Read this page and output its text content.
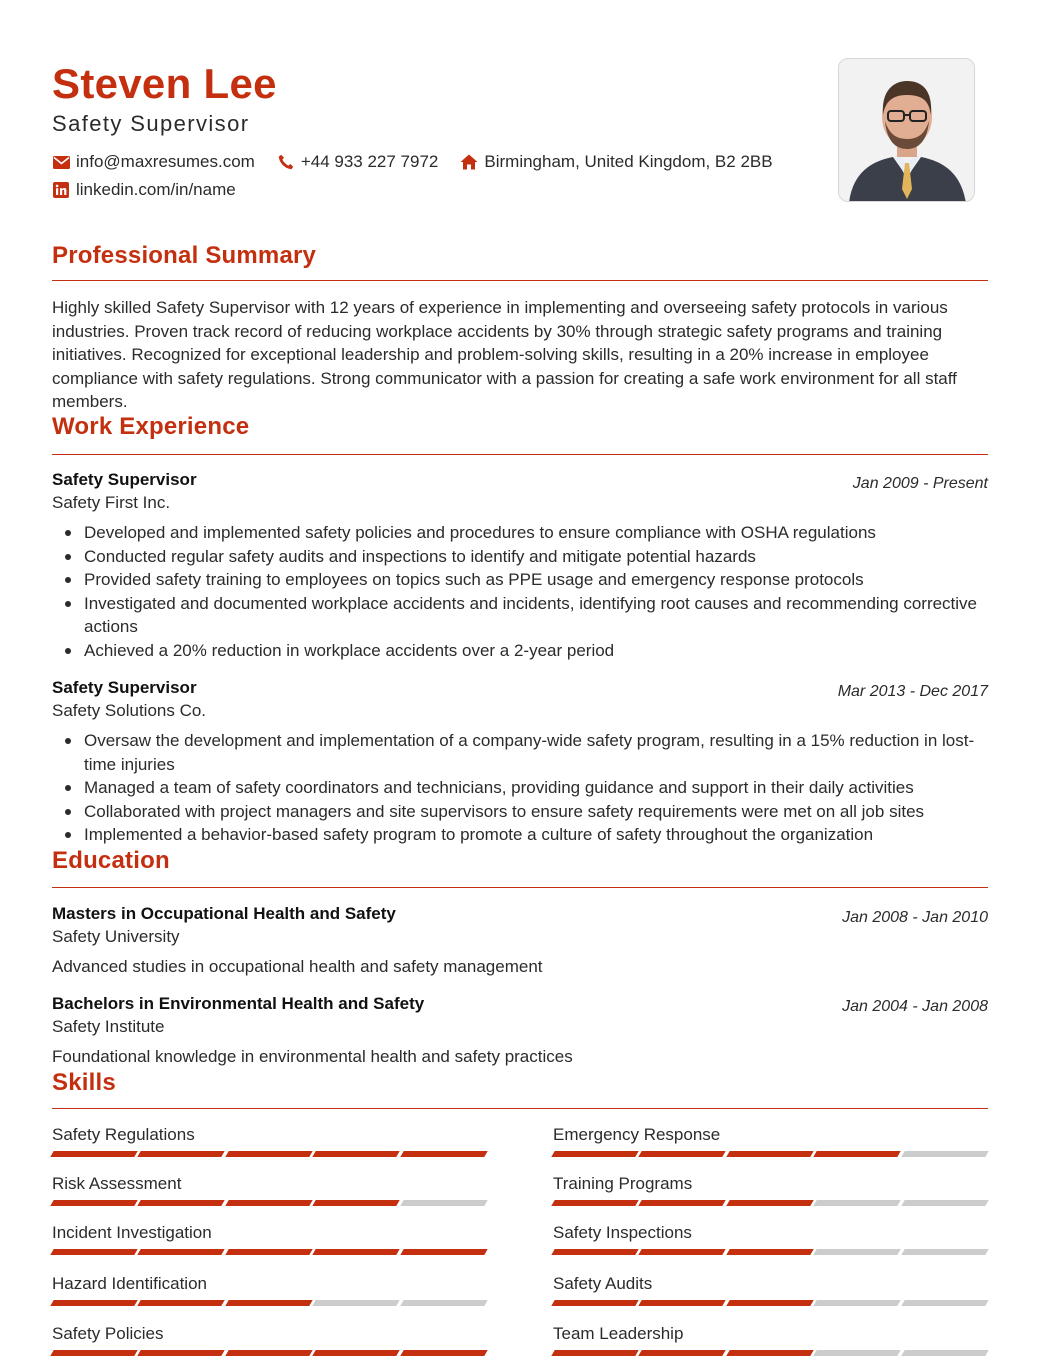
Steven Lee
Safety Supervisor
info@maxresumes.com	+44 933 227 7972	Birmingham, United Kingdom, B2 2BB
linkedin.com/in/name
Professional Summary

Highly skilled Safety Supervisor with 12 years of experience in implementing and overseeing safety protocols in various industries. Proven track record of reducing workplace accidents by 30% through strategic safety programs and training initiatives. Recognized for exceptional leadership and problem-solving skills, resulting in a 20% increase in employee compliance with safety regulations. Strong communicator with a passion for creating a safe work environment for all staff members.

Work Experience
Safety Supervisor	Jan 2009 - Present
Safety First Inc.
Developed and implemented safety policies and procedures to ensure compliance with OSHA regulations
Conducted regular safety audits and inspections to identify and mitigate potential hazards
Provided safety training to employees on topics such as PPE usage and emergency response protocols
Investigated and documented workplace accidents and incidents, identifying root causes and recommending corrective actions
Achieved a 20% reduction in workplace accidents over a 2-year period
Safety Supervisor	Mar 2013 - Dec 2017
Safety Solutions Co.
Oversaw the development and implementation of a company-wide safety program, resulting in a 15% reduction in lost-time injuries
Managed a team of safety coordinators and technicians, providing guidance and support in their daily activities
Collaborated with project managers and site supervisors to ensure safety requirements were met on all job sites
Implemented a behavior-based safety program to promote a culture of safety throughout the organization
Education
Masters in Occupational Health and Safety	Jan 2008 - Jan 2010
Safety University
Advanced studies in occupational health and safety management
Bachelors in Environmental Health and Safety	Jan 2004 - Jan 2008
Safety Institute
Foundational knowledge in environmental health and safety practices
Skills
Safety Regulations	Emergency Response
Risk Assessment	Training Programs
Incident Investigation	Safety Inspections
Hazard Identification	Safety Audits
Safety Policies	Team Leadership
